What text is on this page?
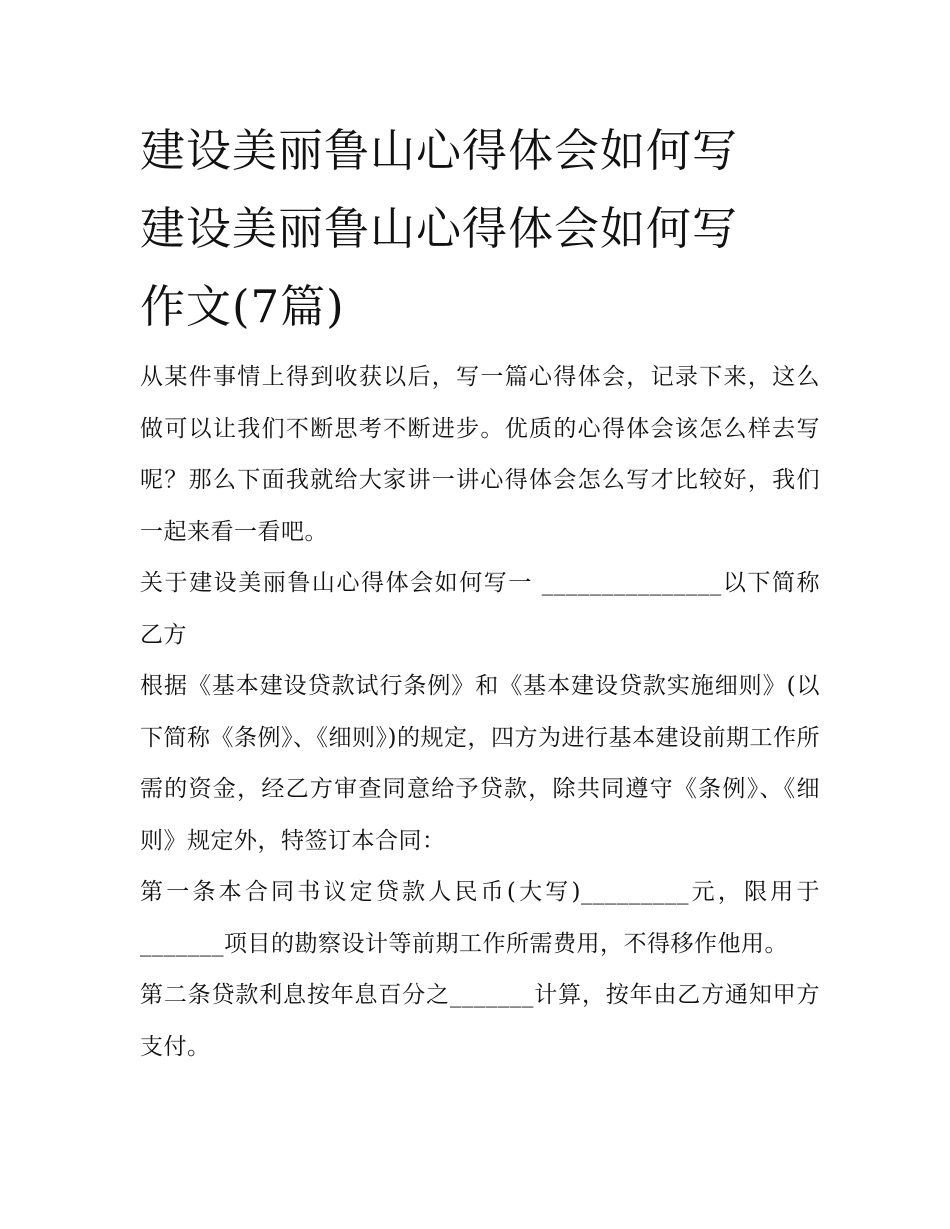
建设美丽鲁山心得体会如何写
建设美丽鲁山心得体会如何写
作文(7篇)

从某件事情上得到收获以后，写一篇心得体会，记录下来，这么做可以让我们不断思考不断进步。优质的心得体会该怎么样去写呢？那么下面我就给大家讲一讲心得体会怎么写才比较好，我们一起来看一看吧。

关于建设美丽鲁山心得体会如何写一 _______________以下简称乙方

根据《基本建设贷款试行条例》和《基本建设贷款实施细则》(以下简称《条例》、《细则》)的规定，四方为进行基本建设前期工作所需的资金，经乙方审查同意给予贷款，除共同遵守《条例》、《细则》规定外，特签订本合同：

第一条本合同书议定贷款人民币(大写)_________元，限用于_______项目的勘察设计等前期工作所需费用，不得移作他用。

第二条贷款利息按年息百分之_______计算，按年由乙方通知甲方支付。
